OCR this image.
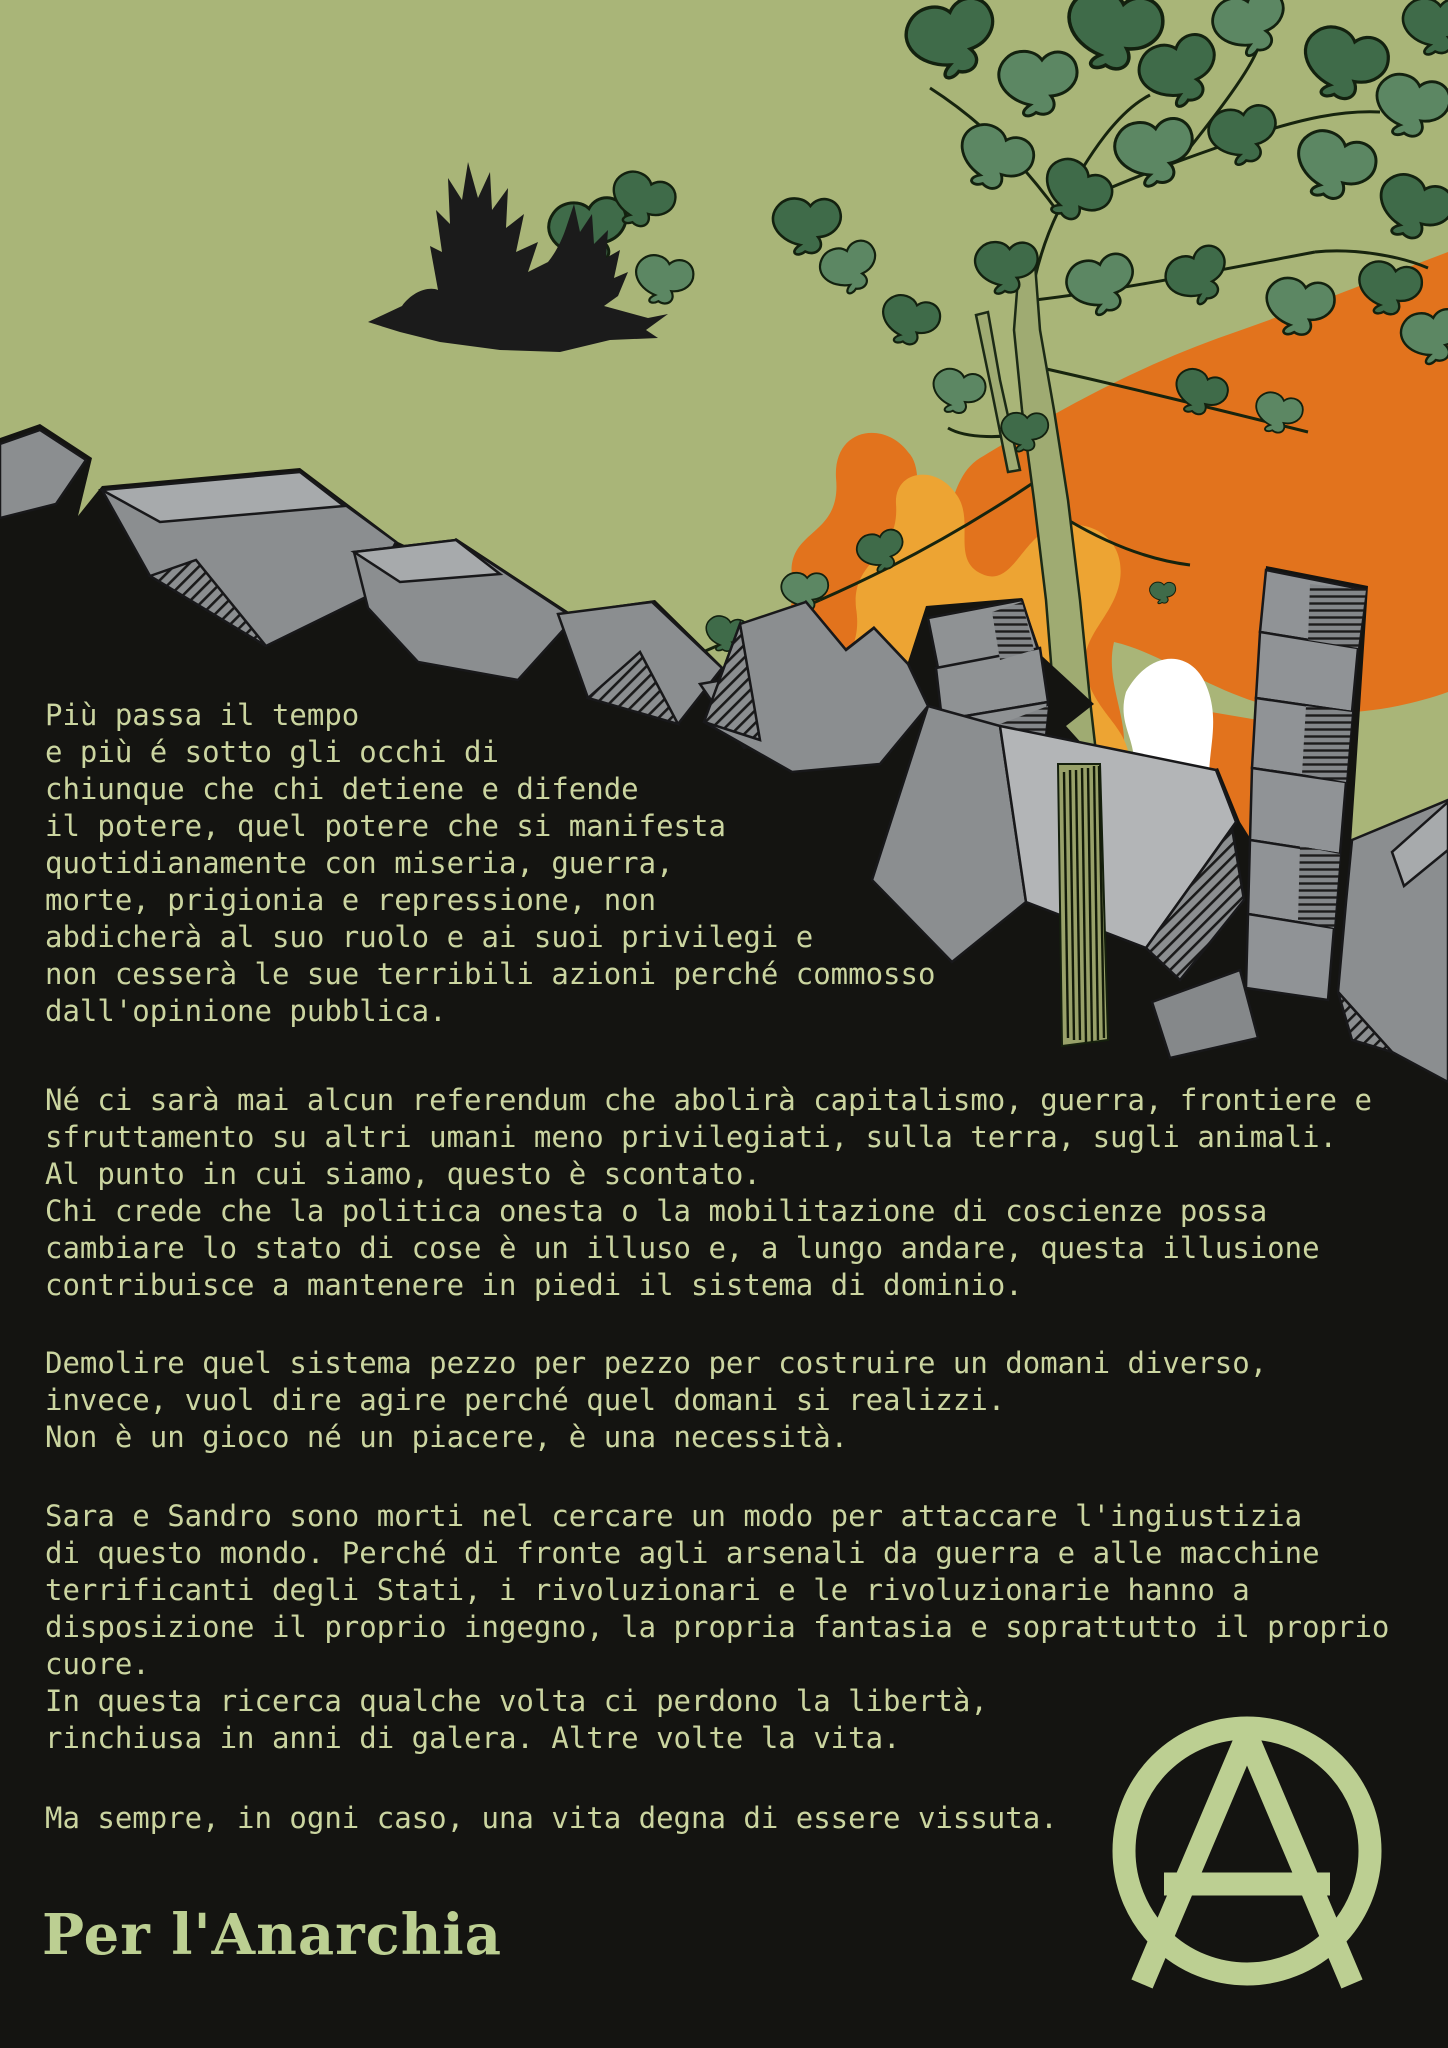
Più passa il tempo
e più é sotto gli occhi di
chiunque che chi detiene e difende
il potere, quel potere che si manifesta
quotidianamente con miseria, guerra,
morte, prigionia e repressione, non
abdicherà al suo ruolo e ai suoi privilegi e
non cesserà le sue terribili azioni perché commosso
dall'opinione pubblica.
Né ci sarà mai alcun referendum che abolirà capitalismo, guerra, frontiere e
sfruttamento su altri umani meno privilegiati, sulla terra, sugli animali.
Al punto in cui siamo, questo è scontato.
Chi crede che la politica onesta o la mobilitazione di coscienze possa
cambiare lo stato di cose è un illuso e, a lungo andare, questa illusione
contribuisce a mantenere in piedi il sistema di dominio.
Demolire quel sistema pezzo per pezzo per costruire un domani diverso,
invece, vuol dire agire perché quel domani si realizzi.
Non è un gioco né un piacere, è una necessità.
Sara e Sandro sono morti nel cercare un modo per attaccare l'ingiustizia
di questo mondo. Perché di fronte agli arsenali da guerra e alle macchine
terrificanti degli Stati, i rivoluzionari e le rivoluzionarie hanno a
disposizione il proprio ingegno, la propria fantasia e soprattutto il proprio
cuore.
In questa ricerca qualche volta ci perdono la libertà,
rinchiusa in anni di galera. Altre volte la vita.
Ma sempre, in ogni caso, una vita degna di essere vissuta.
Per l'Anarchia
